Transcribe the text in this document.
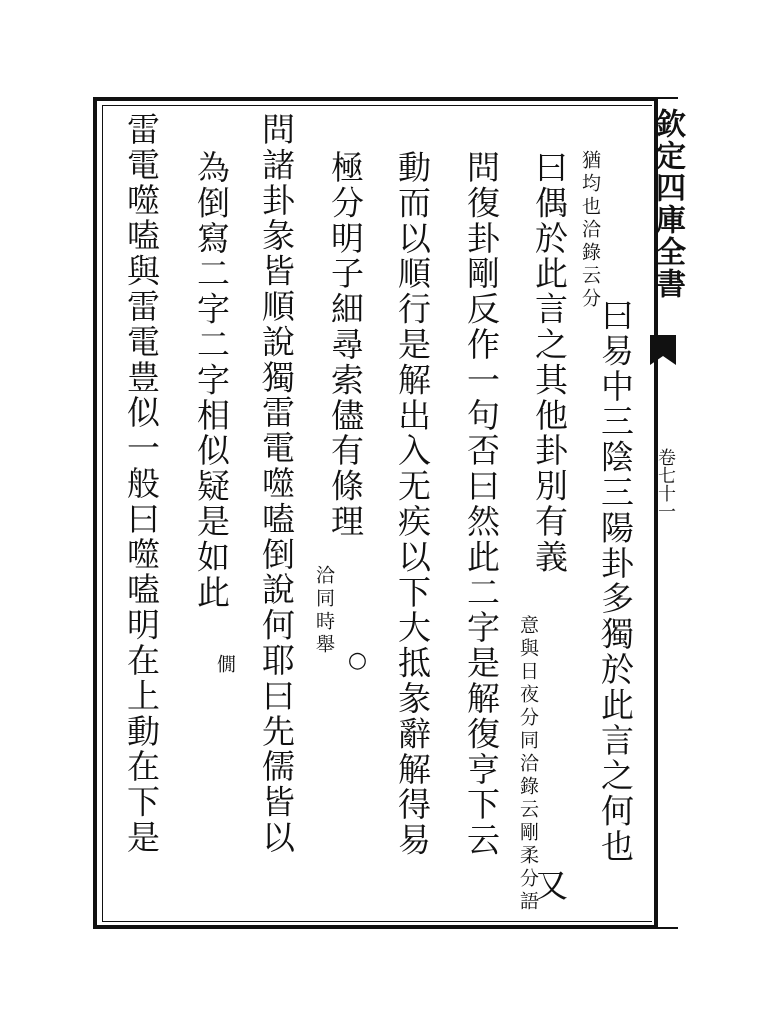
欽定四庫全書
卷七十一
洽錄云分
猶均也
曰易中三陰三陽卦多獨於此言之何也
曰偶於此言之其他卦別有義
洽錄云剛柔分語
意與日夜分同
又
問復卦剛反作一句否曰然此二字是解復亨下云
動而以順行是解出入无疾以下大抵彖辭解得易
極分明子細尋索儘有條理
時舉
洽同
○
問諸卦彖皆順說獨雷電噬嗑倒說何耶曰先儒皆以
為倒寫二字二字相似疑是如此
僩
雷電噬嗑與雷電豊似一般曰噬嗑明在上動在下是
